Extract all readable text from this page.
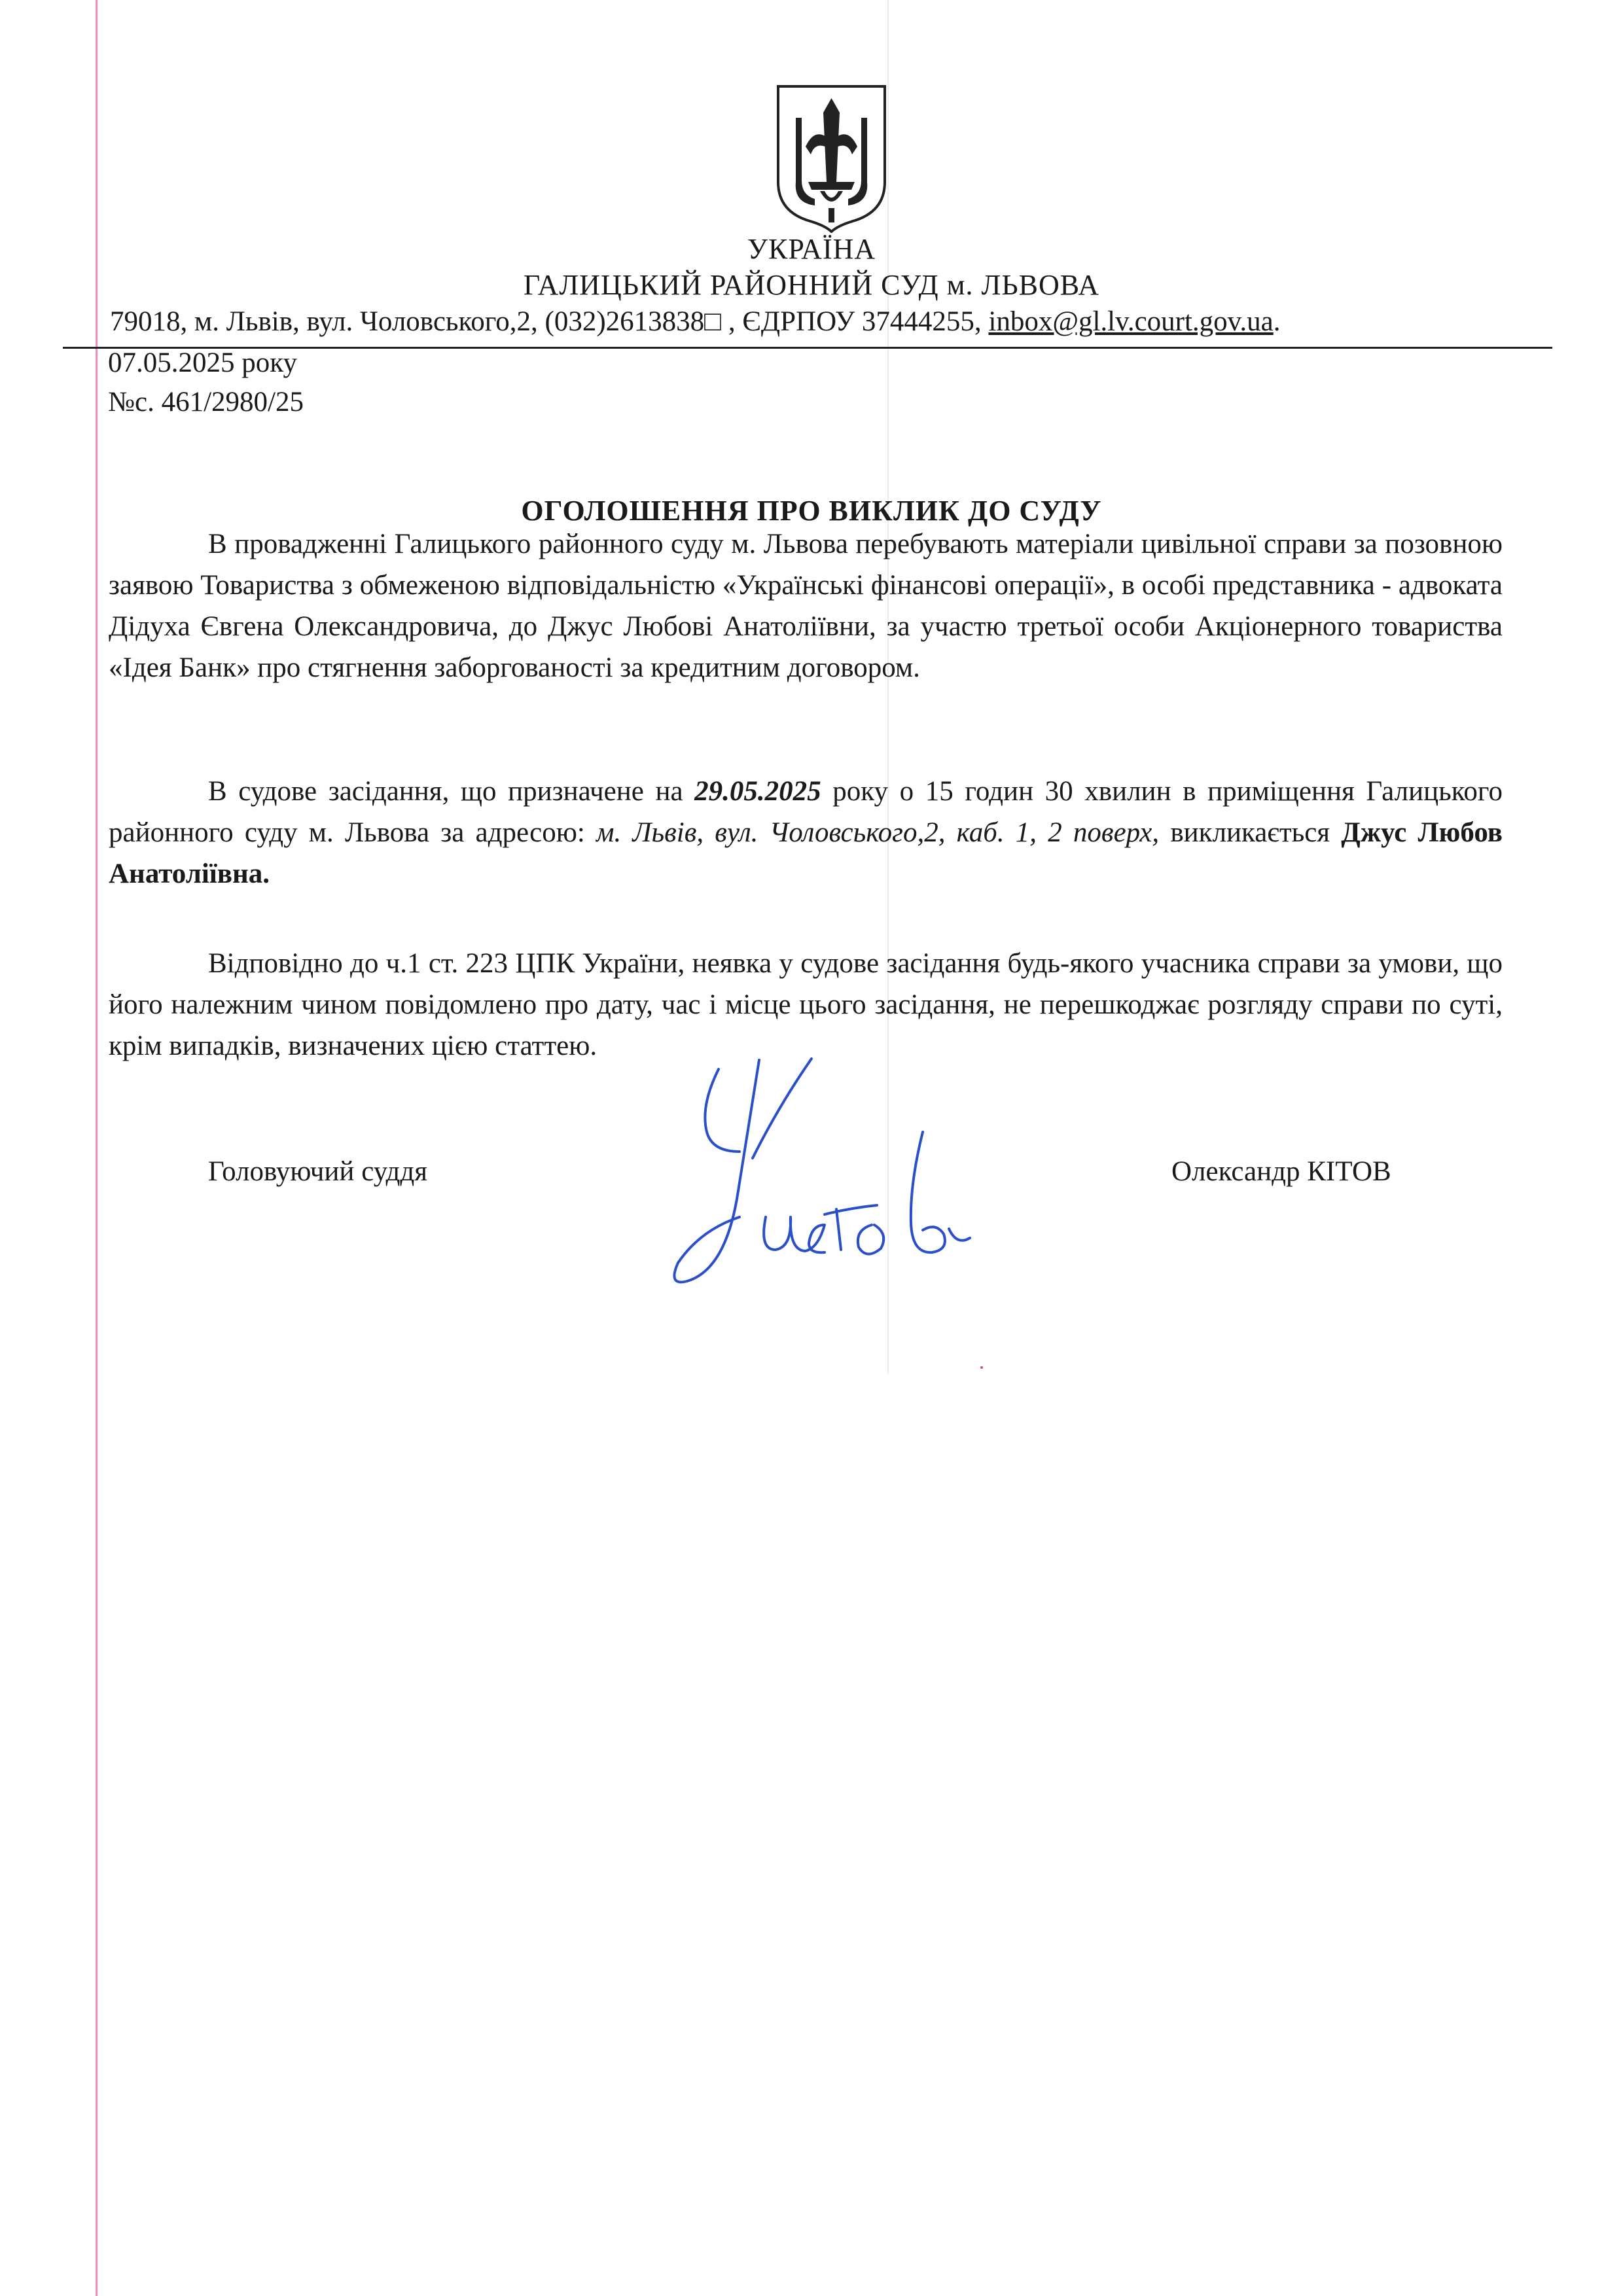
УКРАЇНА
ГАЛИЦЬКИЙ РАЙОННИЙ СУД м. ЛЬВОВА
79018, м. Львів, вул. Чоловського,2, (032)2613838□ , ЄДРПОУ 37444255, inbox@gl.lv.court.gov.ua.
07.05.2025 року
№с. 461/2980/25
ОГОЛОШЕННЯ ПРО ВИКЛИК ДО СУДУ
В провадженні Галицького районного суду м. Львова перебувають матеріали цивільної справи за позовною заявою Товариства з обмеженою відповідальністю «Українські фінансові операції», в особі представника - адвоката Дідуха Євгена Олександровича, до Джус Любові Анатоліївни, за участю третьої особи Акціонерного товариства «Ідея Банк» про стягнення заборгованості за кредитним договором.
В судове засідання, що призначене на 29.05.2025 року о 15 годин 30 хвилин в приміщення Галицького районного суду м. Львова за адресою: м. Львів, вул. Чоловського,2, каб. 1, 2 поверх, викликається Джус Любов Анатоліївна.
Відповідно до ч.1 ст. 223 ЦПК України, неявка у судове засідання будь-якого учасника справи за умови, що його належним чином повідомлено про дату, час і місце цього засідання, не перешкоджає розгляду справи по суті, крім випадків, визначених цією статтею.
Головуючий суддя	Олександр КІТОВ
